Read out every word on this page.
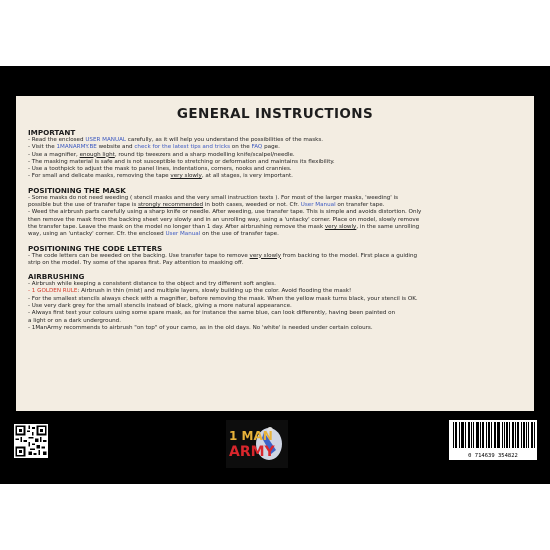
GENERAL INSTRUCTIONS
IMPORTANT
- Read the enclosed USER MANUAL carefully, as it will help you understand the possibilities of the masks.
- Visit the 1MANARMY.BE website and check for the latest tips and tricks on the FAQ page.
- Use a magnifier, enough light, round tip tweezers and a sharp modelling knife/scalpel/needle.
- The masking material is safe and is not susceptible to stretching or deformation and maintains its flexibility.
- Use a toothpick to adjust the mask to panel lines, indentations, corners, nooks and crannies.
- For small and delicate masks, removing the tape very slowly, at all stages, is very important.
POSITIONING THE MASK
- Some masks do not need weeding ( stencil masks and the very small instruction texts ). For most of the larger masks, 'weeding' is
possible but the use of transfer tape is strongly recommended in both cases, weeded or not. Cfr. User Manual on transfer tape.
- Weed the airbrush parts carefully using a sharp knife or needle. After weeding, use transfer tape. This is simple and avoids distortion. Only
then remove the mask from the backing sheet very slowly and in an unrolling way, using a 'untacky' corner. Place on model, slowly remove
the transfer tape. Leave the mask on the model no longer than 1 day. After airbrushing remove the mask very slowly, in the same unrolling
way, using an 'untacky' corner. Cfr. the enclosed User Manual on the use of transfer tape.
POSITIONING THE CODE LETTERS
- The code letters can be weeded on the backing. Use transfer tape to remove very slowly from backing to the model. First place a guiding
strip on the model. Try some of the spares first. Pay attention to masking off.
AIRBRUSHING
- Airbrush while keeping a consistent distance to the object and try different soft angles.
- 1 GOLDEN RULE: Airbrush in thin (mist) and multiple layers, slowly building up the color. Avoid flooding the mask!
- For the smallest stencils always check with a magnifier, before removing the mask. When the yellow mask turns black, your stencil is OK.
- Use very dark grey for the small stencils instead of black, giving a more natural appearance.
- Always first test your colours using some spare mask, as for instance the same blue, can look differently, having been painted on
a light or on a dark underground.
- 1ManArmy recommends to airbrush "on top" of your camo, as in the old days. No 'white' is needed under certain colours.
1 MAN
ARMY	0 714639 354822
